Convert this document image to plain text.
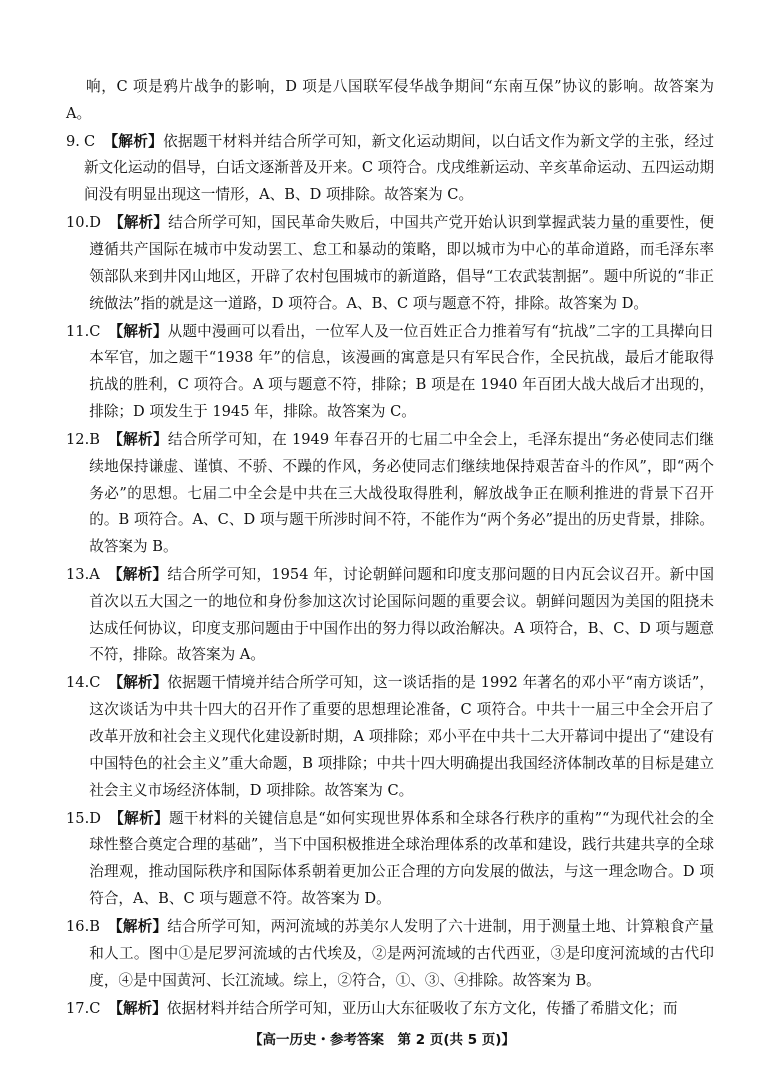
响，C 项是鸦片战争的影响，D 项是八国联军侵华战争期间“东南互保”协议的影响。故答案为 A。

9. C 【解析】依据题干材料并结合所学可知，新文化运动期间，以白话文作为新文学的主张，经过新文化运动的倡导，白话文逐渐普及开来。C 项符合。戊戌维新运动、辛亥革命运动、五四运动期间没有明显出现这一情形，A、B、D 项排除。故答案为 C。
10. D 【解析】结合所学可知，国民革命失败后，中国共产党开始认识到掌握武装力量的重要性，便遵循共产国际在城市中发动罢工、怠工和暴动的策略，即以城市为中心的革命道路，而毛泽东率领部队来到井冈山地区，开辟了农村包围城市的新道路，倡导“工农武装割据”。题中所说的“非正统做法”指的就是这一道路，D 项符合。A、B、C 项与题意不符，排除。故答案为 D。
11. C 【解析】从题中漫画可以看出，一位军人及一位百姓正合力推着写有“抗战”二字的工具撵向日本军官，加之题干“1938 年”的信息，该漫画的寓意是只有军民合作，全民抗战，最后才能取得抗战的胜利，C 项符合。A 项与题意不符，排除；B 项是在 1940 年百团大战大战后才出现的，排除；D 项发生于 1945 年，排除。故答案为 C。
12. B 【解析】结合所学可知，在 1949 年春召开的七届二中全会上，毛泽东提出“务必使同志们继续地保持谦虚、谨慎、不骄、不躁的作风，务必使同志们继续地保持艰苦奋斗的作风”，即“两个务必”的思想。七届二中全会是中共在三大战役取得胜利，解放战争正在顺利推进的背景下召开的。B 项符合。A、C、D 项与题干所涉时间不符，不能作为“两个务必”提出的历史背景，排除。故答案为 B。
13. A 【解析】结合所学可知，1954 年，讨论朝鲜问题和印度支那问题的日内瓦会议召开。新中国首次以五大国之一的地位和身份参加这次讨论国际问题的重要会议。朝鲜问题因为美国的阻挠未达成任何协议，印度支那问题由于中国作出的努力得以政治解决。A 项符合，B、C、D 项与题意不符，排除。故答案为 A。
14. C 【解析】依据题干情境并结合所学可知，这一谈话指的是 1992 年著名的邓小平“南方谈话”，这次谈话为中共十四大的召开作了重要的思想理论准备，C 项符合。中共十一届三中全会开启了改革开放和社会主义现代化建设新时期，A 项排除；邓小平在中共十二大开幕词中提出了“建设有中国特色的社会主义”重大命题，B 项排除；中共十四大明确提出我国经济体制改革的目标是建立社会主义市场经济体制，D 项排除。故答案为 C。
15. D 【解析】题干材料的关键信息是“如何实现世界体系和全球各行秩序的重构”“为现代社会的全球性整合奠定合理的基础”，当下中国积极推进全球治理体系的改革和建设，践行共建共享的全球治理观，推动国际秩序和国际体系朝着更加公正合理的方向发展的做法，与这一理念吻合。D 项符合，A、B、C 项与题意不符。故答案为 D。
16. B 【解析】结合所学可知，两河流域的苏美尔人发明了六十进制，用于测量土地、计算粮食产量和人工。图中①是尼罗河流域的古代埃及，②是两河流域的古代西亚，③是印度河流域的古代印度，④是中国黄河、长江流域。综上，②符合，①、③、④排除。故答案为 B。
17. C 【解析】依据材料并结合所学可知，亚历山大东征吸收了东方文化，传播了希腊文化；而
【高一历史・参考答案　第 2 页(共 5 页)】
